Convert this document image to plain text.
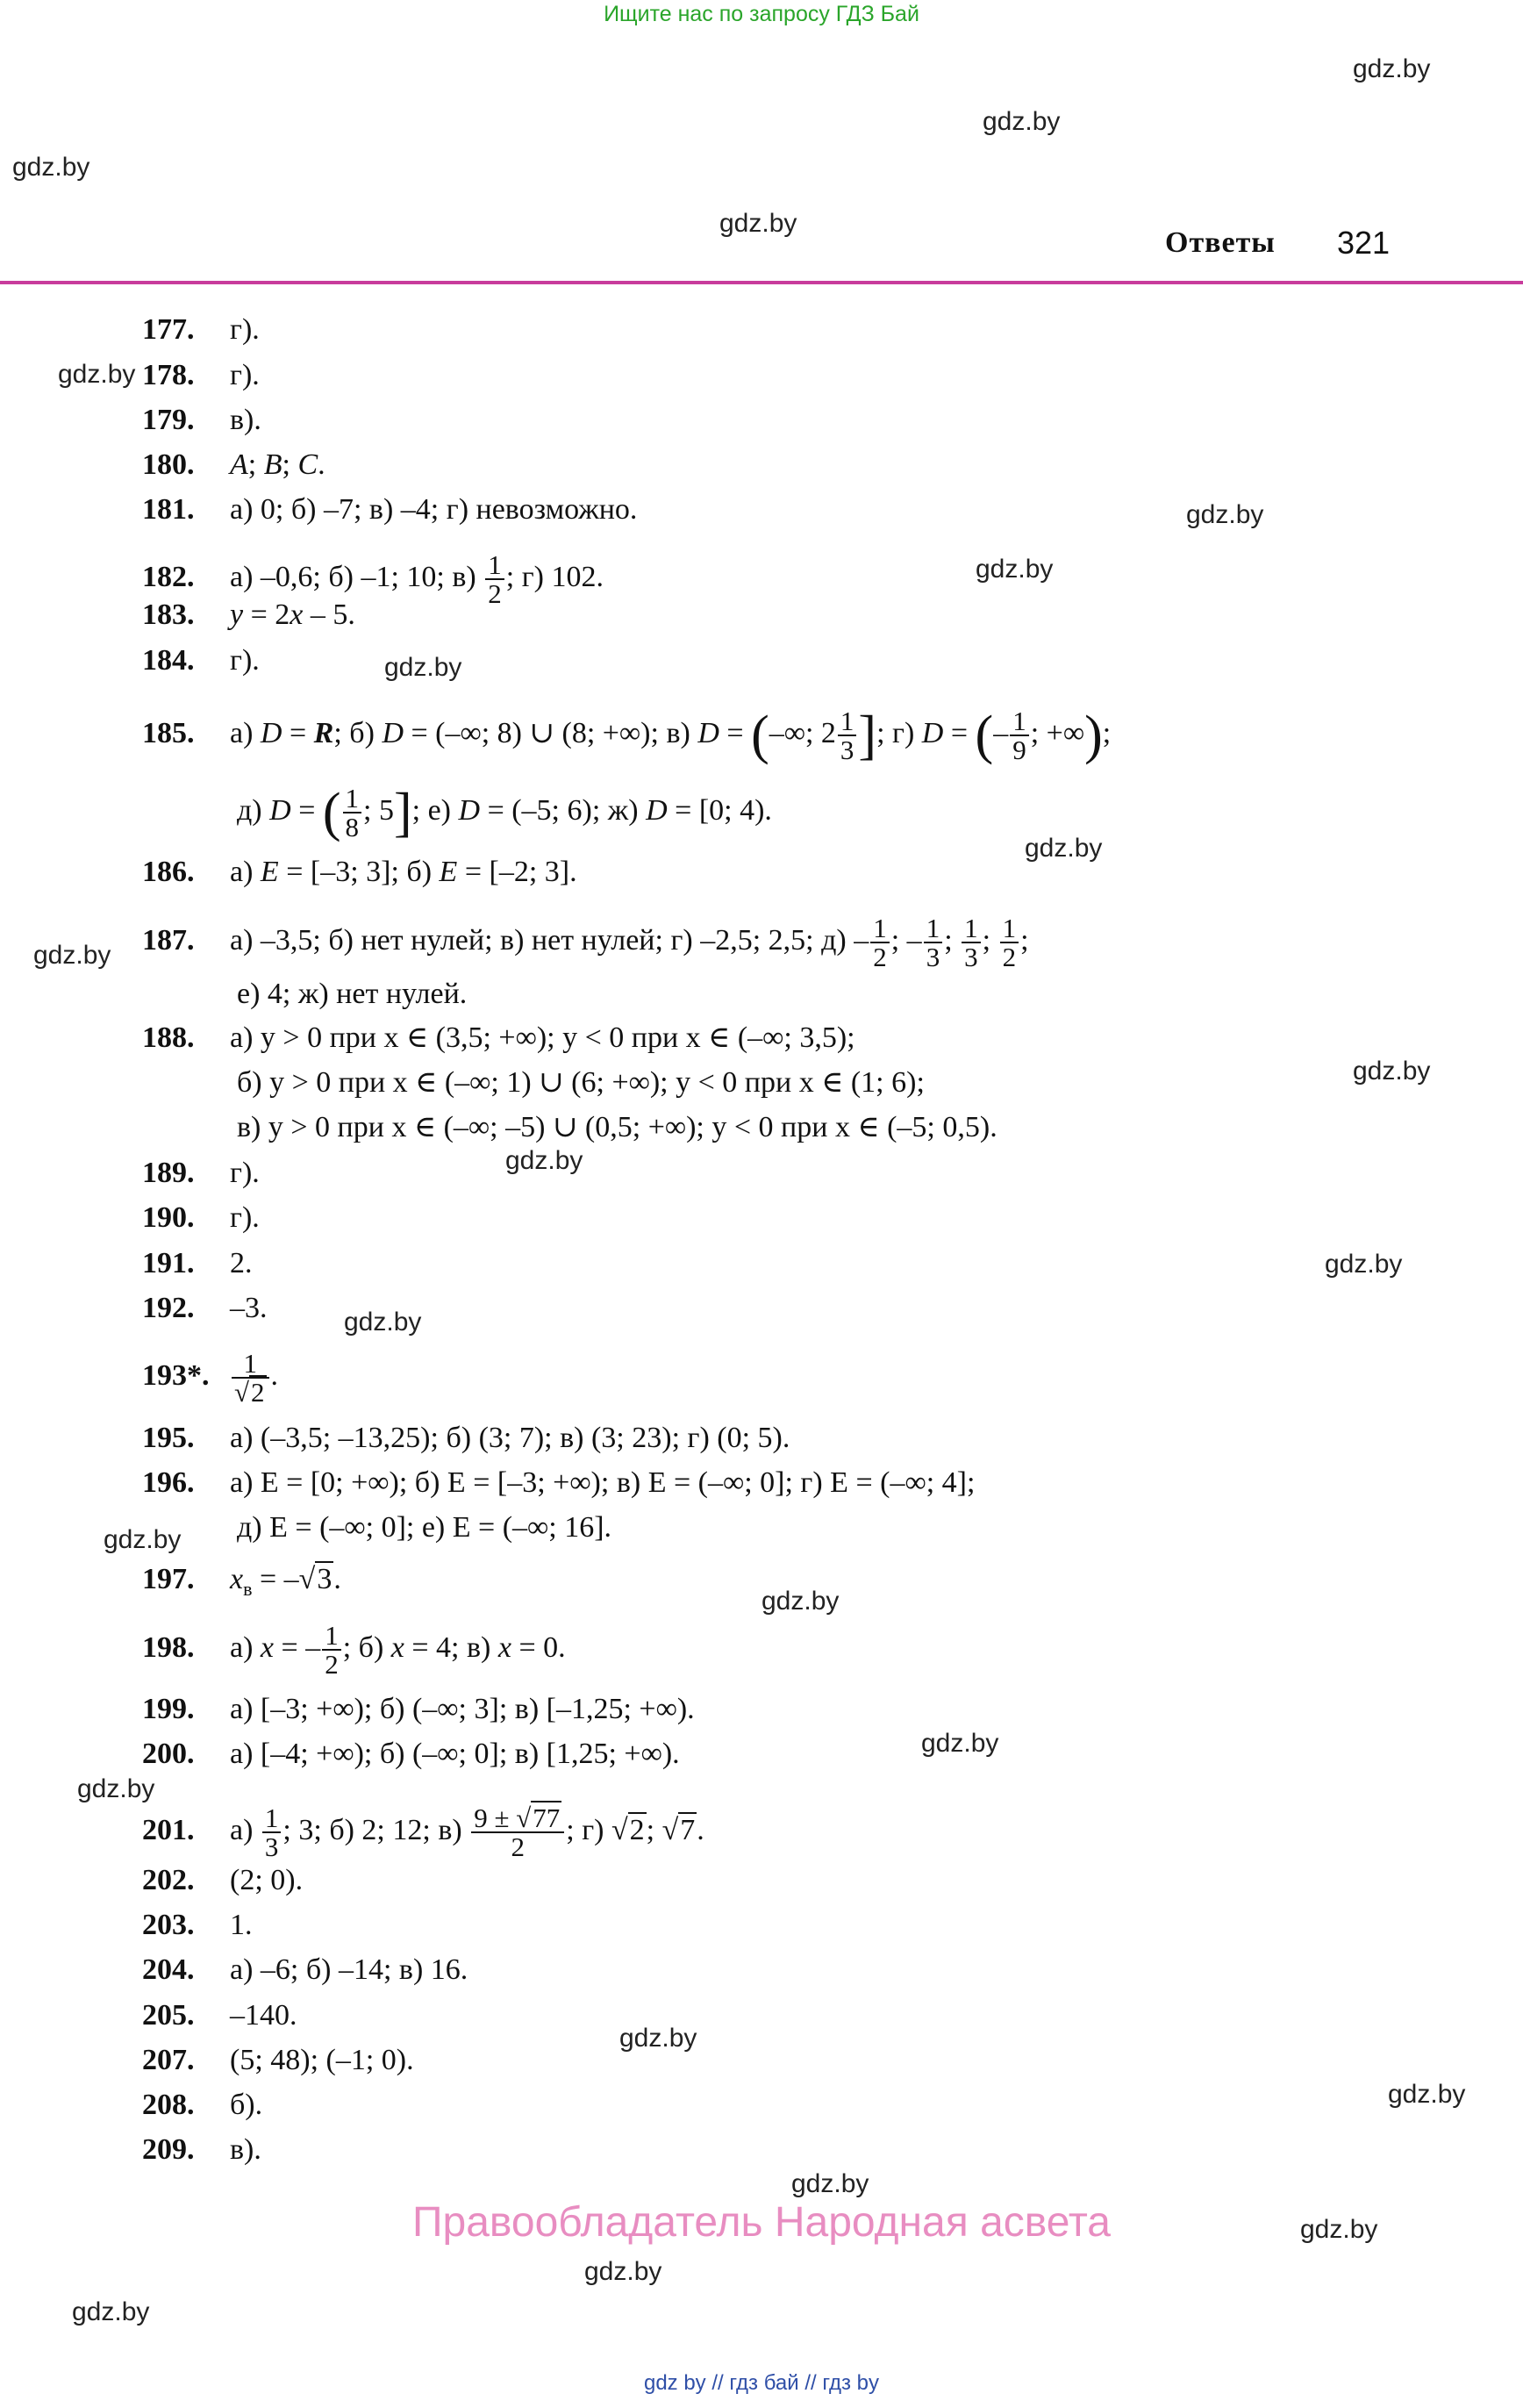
Ищите нас по запросу ГДЗ Бай
gdz.by
gdz.by
gdz.by
gdz.by
gdz.by
gdz.by
gdz.by
gdz.by
gdz.by
gdz.by
gdz.by
gdz.by
gdz.by
gdz.by
gdz.by
gdz.by
gdz.by
gdz.by
gdz.by
gdz.by
gdz.by
gdz.by
gdz.by
gdz.by
Ответы 321
177. г).
178. г).
179. в).
180. A; B; C.
181. а) 0; б) –7; в) –4; г) невозможно.
182. а) –0,6; б) –1; 10; $в) \frac{1}{2}$ ; г) 102.
183. y = 2x – 5.
184. г).
185. а) D = R; б) D = (–∞; 8) ∪ (8; +∞); в) D = (–∞; $2 \frac{1}{3}$ ]; г) D = (– $\frac{1}{9}$ ; +∞);
д) D = ( $\frac{1}{8}$ ; 5]; е) D = (–5; 6); ж) D = [0; 4).
186. а) E = [–3; 3]; б) E = [–2; 3].
187. а) –3,5; б) нет нулей; в) нет нулей; г) –2,5; 2,5; $д) - \frac{1}{2}$ ; – $\frac{1}{3}$ ; $\frac{1}{3}$ ; $\frac{1}{2}$ ;
е) 4; ж) нет нулей.
188. а) y > 0 при x ∈ (3,5; +∞); y < 0 при x ∈ (–∞; 3,5);
б) y > 0 при x ∈ (–∞; 1) ∪ (6; +∞); y < 0 при x ∈ (1; 6);
в) y > 0 при x ∈ (–∞; –5) ∪ (0,5; +∞); y < 0 при x ∈ (–5; 0,5).
189. г).
190. г).
191. 2.
192. –3.
193*. $\frac{1}{√2}$ .
195. а) (–3,5; –13,25); б) (3; 7); в) (3; 23); г) (0; 5).
196. а) E = [0; +∞); б) E = [–3; +∞); в) E = (–∞; 0]; г) E = (–∞; 4];
д) E = (–∞; 0]; е) E = (–∞; 16].
197. $x_в = -√3$.
198. а) x = – $\frac{1}{2}$ ; б) x = 4; в) x = 0.
199. а) [–3; +∞); б) (–∞; 3]; в) [–1,25; +∞).
200. а) [–4; +∞); б) (–∞; 0]; в) [1,25; +∞).
201. $а) \frac{1}{3}$ ; 3; б) 2; 12; $в) \frac{9 \pm √77}{2}$ ; г) √2; √7.
202. (2; 0).
203. 1.
204. а) –6; б) –14; в) 16.
205. –140.
207. (5; 48); (–1; 0).
208. б).
209. в).
Правообладатель Народная асвета
gdz by // гдз бай // гдз by
